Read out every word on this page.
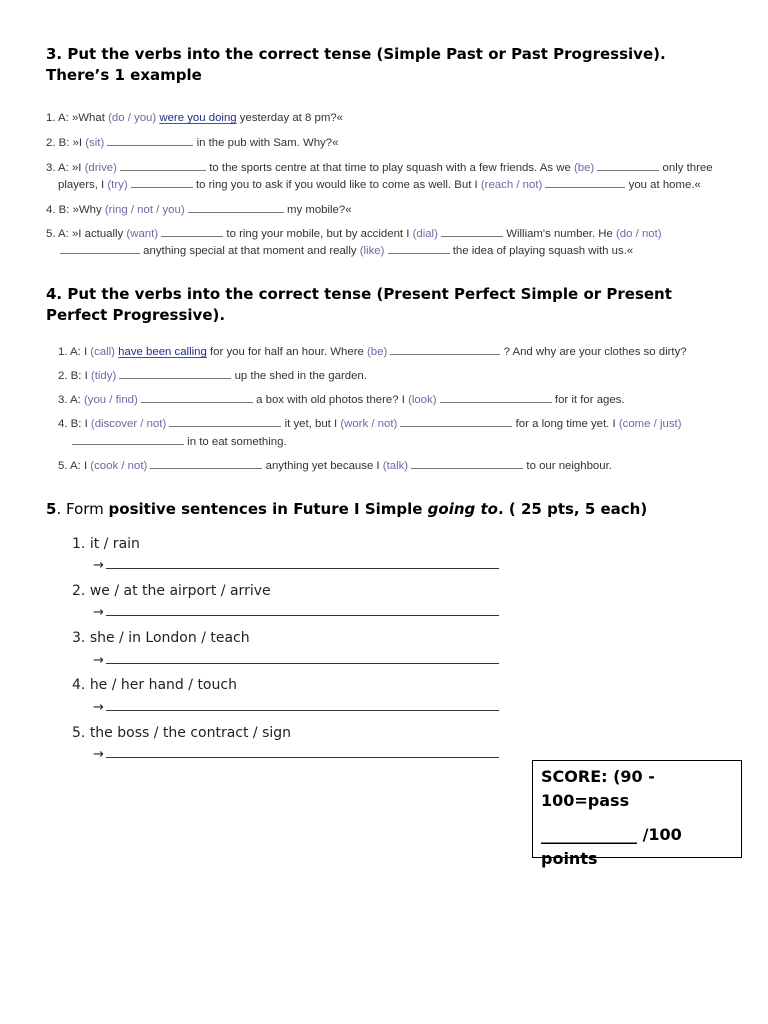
3. Put the verbs into the correct tense (Simple Past or Past Progressive).
There’s 1 example
1. A: »What (do / you) were you doing yesterday at 8 pm?«
2. B: »I (sit)	in the pub with Sam. Why?«
3. A: »I (drive)	to the sports centre at that time to play squash with a few friends. As we (be)	only three
players, I (try)	to ring you to ask if you would like to come as well. But I (reach / not)	you at home.«
4. B: »Why (ring / not / you)	my mobile?«
5. A: »I actually (want)	to ring your mobile, but by accident I (dial)	William's number. He (do / not)
anything special at that moment and really (like)	the idea of playing squash with us.«
4. Put the verbs into the correct tense (Present Perfect Simple or Present
Perfect Progressive).
1. A: I (call) have been calling for you for half an hour. Where (be)	? And why are your clothes so dirty?
2. B: I (tidy)	up the shed in the garden.
3. A: (you / find)	a box with old photos there? I (look)	for it for ages.
4. B: I (discover / not)	it yet, but I (work / not)	for a long time yet. I (come / just)
in to eat something.
5. A: I (cook / not)	anything yet because I (talk)	to our neighbour.
5. Form positive sentences in Future I Simple going to. ( 25 pts, 5 each)
1. it / rain
→
2. we / at the airport / arrive
→
3. she / in London / teach
→
4. he / her hand / touch
→
5. the boss / the contract / sign
→
SCORE: (90 -
100=pass
____________ /100
points
